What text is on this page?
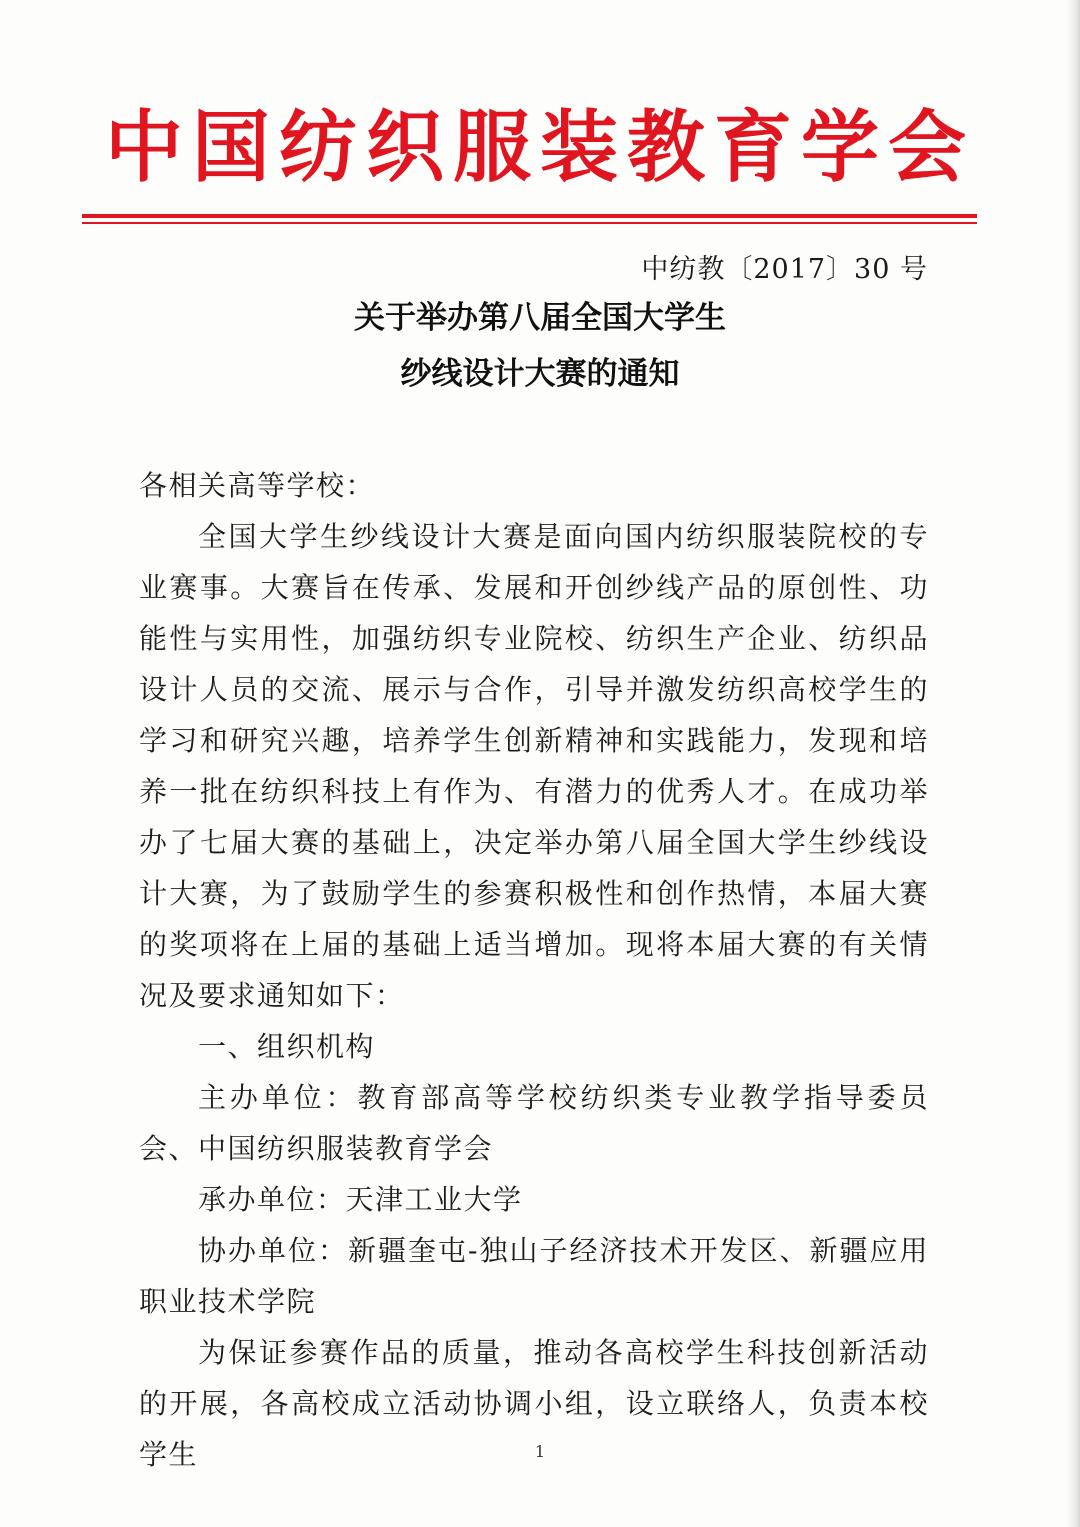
中国纺织服装教育学会
中纺教〔2017〕30 号
关于举办第八届全国大学生
纱线设计大赛的通知

各相关高等学校：

全国大学生纱线设计大赛是面向国内纺织服装院校的专业赛事。大赛旨在传承、发展和开创纱线产品的原创性、功能性与实用性，加强纺织专业院校、纺织生产企业、纺织品设计人员的交流、展示与合作，引导并激发纺织高校学生的学习和研究兴趣，培养学生创新精神和实践能力，发现和培养一批在纺织科技上有作为、有潜力的优秀人才。在成功举办了七届大赛的基础上，决定举办第八届全国大学生纱线设计大赛，为了鼓励学生的参赛积极性和创作热情，本届大赛的奖项将在上届的基础上适当增加。现将本届大赛的有关情况及要求通知如下：

一、组织机构

主办单位：教育部高等学校纺织类专业教学指导委员会、中国纺织服装教育学会

承办单位：天津工业大学

协办单位：新疆奎屯-独山子经济技术开发区、新疆应用职业技术学院

为保证参赛作品的质量，推动各高校学生科技创新活动的开展，各高校成立活动协调小组，设立联络人，负责本校学生	1
